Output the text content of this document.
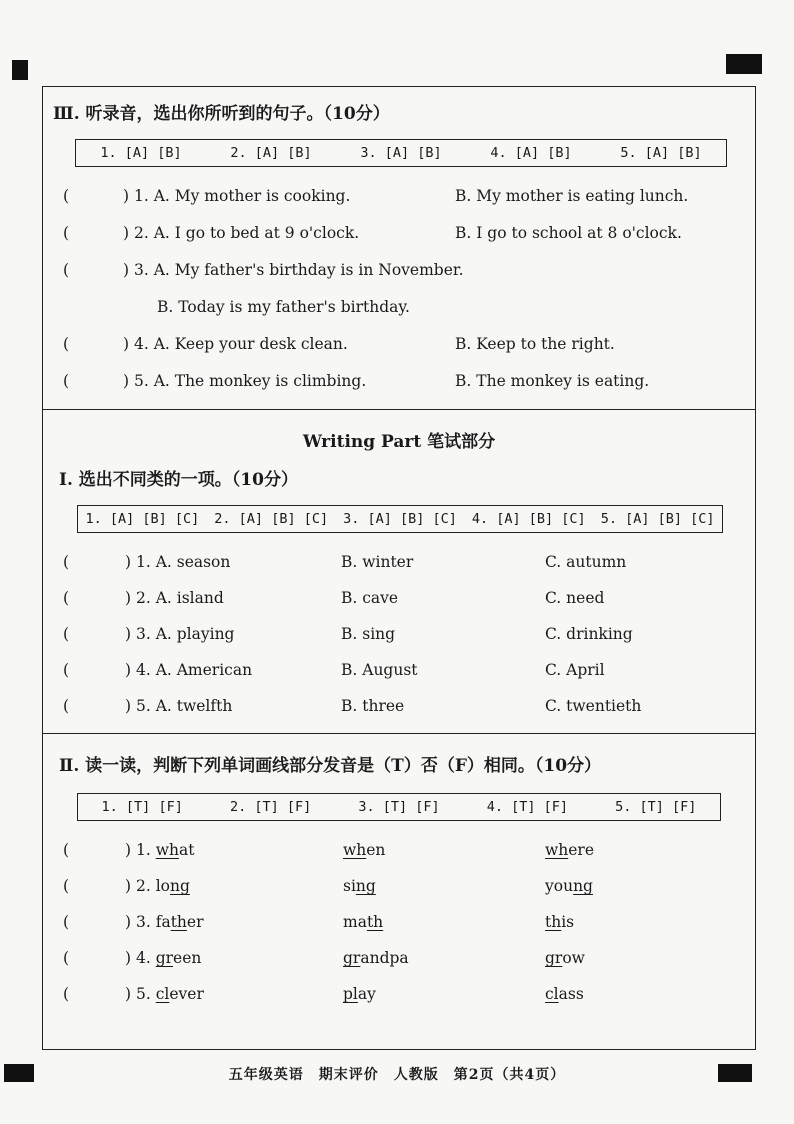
Ⅲ. 听录音，选出你所听到的句子。（10分）
1. [A] [B]	2. [A] [B]	3. [A] [B]	4. [A] [B]	5. [A] [B]
(	) 1. A. My mother is cooking.	B. My mother is eating lunch.
(	) 2. A. I go to bed at 9 o'clock.	B. I go to school at 8 o'clock.
(	) 3. A. My father's birthday is in November.
B. Today is my father's birthday.
(	) 4. A. Keep your desk clean.	B. Keep to the right.
(	) 5. A. The monkey is climbing.	B. The monkey is eating.
Writing Part 笔试部分
Ⅰ. 选出不同类的一项。（10分）
1. [A] [B] [C] 2. [A] [B] [C] 3. [A] [B] [C] 4. [A] [B] [C] 5. [A] [B] [C]
(	) 1. A. season	B. winter	C. autumn
(	) 2. A. island	B. cave	C. need
(	) 3. A. playing	B. sing	C. drinking
(	) 4. A. American	B. August	C. April
(	) 5. A. twelfth	B. three	C. twentieth
Ⅱ. 读一读，判断下列单词画线部分发音是（T）否（F）相同。（10分）
1. [T] [F]	2. [T] [F]	3. [T] [F]	4. [T] [F]	5. [T] [F]
(	) 1. what	when	where
(	) 2. long	sing	young
(	) 3. father	math	this
(	) 4. green	grandpa	grow
(	) 5. clever	play	class
五年级英语　期末评价　人教版　第2页（共4页）
